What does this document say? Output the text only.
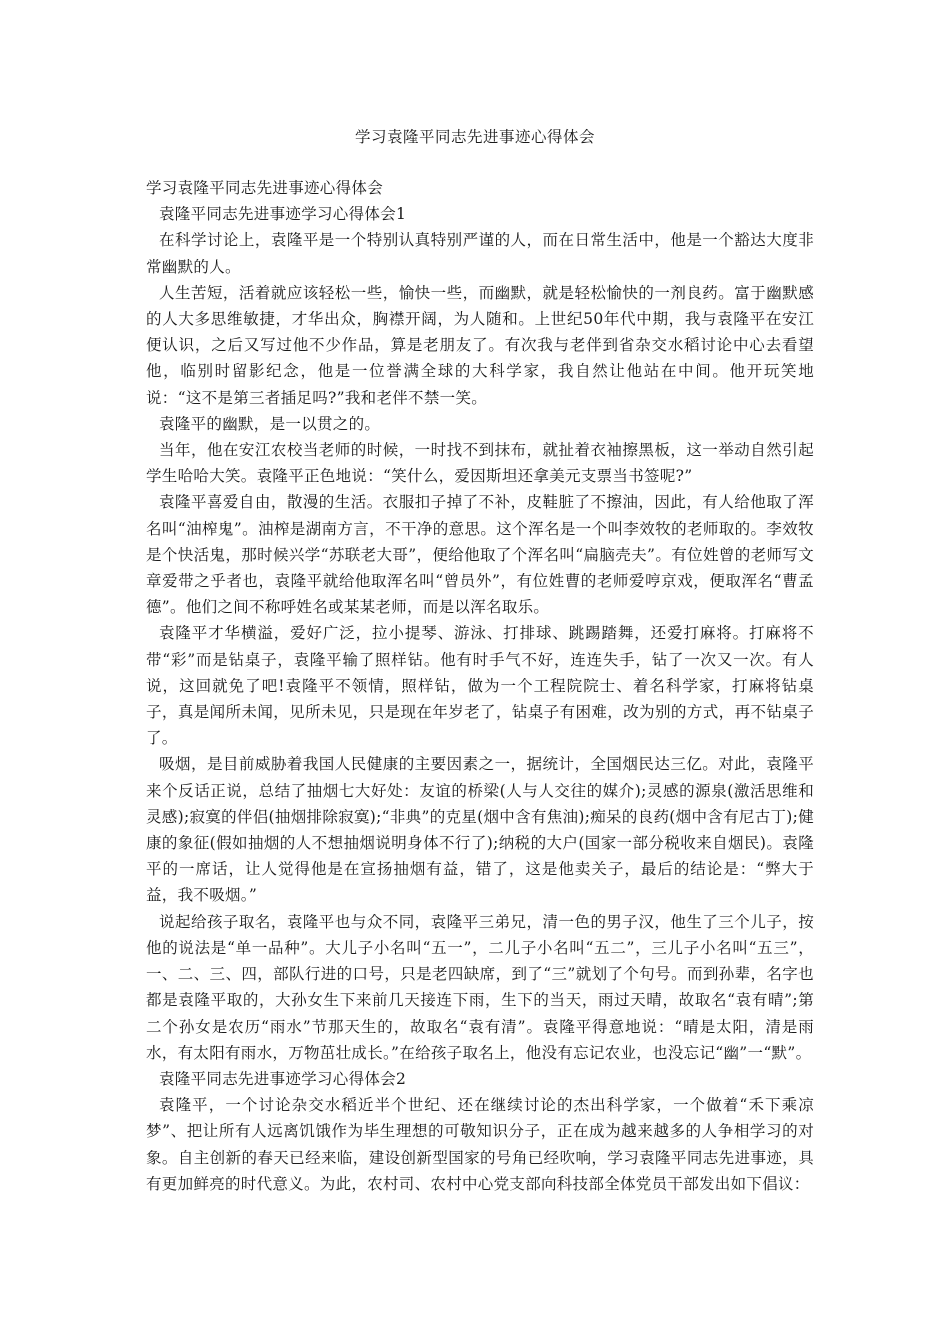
学习袁隆平同志先进事迹心得体会

学习袁隆平同志先进事迹心得体会

袁隆平同志先进事迹学习心得体会1

在科学讨论上，袁隆平是一个特别认真特别严谨的人，而在日常生活中，他是一个豁达大度非常幽默的人。

人生苦短，活着就应该轻松一些，愉快一些，而幽默，就是轻松愉快的一剂良药。富于幽默感的人大多思维敏捷，才华出众，胸襟开阔，为人随和。上世纪50年代中期，我与袁隆平在安江便认识，之后又写过他不少作品，算是老朋友了。有次我与老伴到省杂交水稻讨论中心去看望他，临别时留影纪念，他是一位誉满全球的大科学家，我自然让他站在中间。他开玩笑地说：“这不是第三者插足吗?”我和老伴不禁一笑。

袁隆平的幽默，是一以贯之的。

当年，他在安江农校当老师的时候，一时找不到抹布，就扯着衣袖擦黑板，这一举动自然引起学生哈哈大笑。袁隆平正色地说：“笑什么，爱因斯坦还拿美元支票当书签呢?”

袁隆平喜爱自由，散漫的生活。衣服扣子掉了不补，皮鞋脏了不擦油，因此，有人给他取了浑名叫“油榨鬼”。油榨是湖南方言，不干净的意思。这个浑名是一个叫李效牧的老师取的。李效牧是个快活鬼，那时候兴学“苏联老大哥”，便给他取了个浑名叫“扁脑壳夫”。有位姓曾的老师写文章爱带之乎者也，袁隆平就给他取浑名叫“曾员外”，有位姓曹的老师爱哼京戏，便取浑名“曹孟德”。他们之间不称呼姓名或某某老师，而是以浑名取乐。

袁隆平才华横溢，爱好广泛，拉小提琴、游泳、打排球、跳踢踏舞，还爱打麻将。打麻将不带“彩”而是钻桌子，袁隆平输了照样钻。他有时手气不好，连连失手，钻了一次又一次。有人说，这回就免了吧!袁隆平不领情，照样钻，做为一个工程院院士、着名科学家，打麻将钻桌子，真是闻所未闻，见所未见，只是现在年岁老了，钻桌子有困难，改为别的方式，再不钻桌子了。

吸烟，是目前威胁着我国人民健康的主要因素之一，据统计，全国烟民达三亿。对此，袁隆平来个反话正说，总结了抽烟七大好处：友谊的桥梁(人与人交往的媒介);灵感的源泉(激活思维和灵感);寂寞的伴侣(抽烟排除寂寞);“非典”的克星(烟中含有焦油);痴呆的良药(烟中含有尼古丁);健康的象征(假如抽烟的人不想抽烟说明身体不行了);纳税的大户(国家一部分税收来自烟民)。袁隆平的一席话，让人觉得他是在宣扬抽烟有益，错了，这是他卖关子，最后的结论是：“弊大于益，我不吸烟。”

说起给孩子取名，袁隆平也与众不同，袁隆平三弟兄，清一色的男子汉，他生了三个儿子，按他的说法是“单一品种”。大儿子小名叫“五一”，二儿子小名叫“五二”，三儿子小名叫“五三”，一、二、三、四，部队行进的口号，只是老四缺席，到了“三”就划了个句号。而到孙辈，名字也都是袁隆平取的，大孙女生下来前几天接连下雨，生下的当天，雨过天晴，故取名“袁有晴”;第二个孙女是农历“雨水”节那天生的，故取名“袁有清”。袁隆平得意地说：“晴是太阳，清是雨水，有太阳有雨水，万物茁壮成长。”在给孩子取名上，他没有忘记农业，也没忘记“幽”一“默”。

袁隆平同志先进事迹学习心得体会2

袁隆平，一个讨论杂交水稻近半个世纪、还在继续讨论的杰出科学家，一个做着“禾下乘凉梦”、把让所有人远离饥饿作为毕生理想的可敬知识分子，正在成为越来越多的人争相学习的对象。自主创新的春天已经来临，建设创新型国家的号角已经吹响，学习袁隆平同志先进事迹，具有更加鲜亮的时代意义。为此，农村司、农村中心党支部向科技部全体党员干部发出如下倡议：
